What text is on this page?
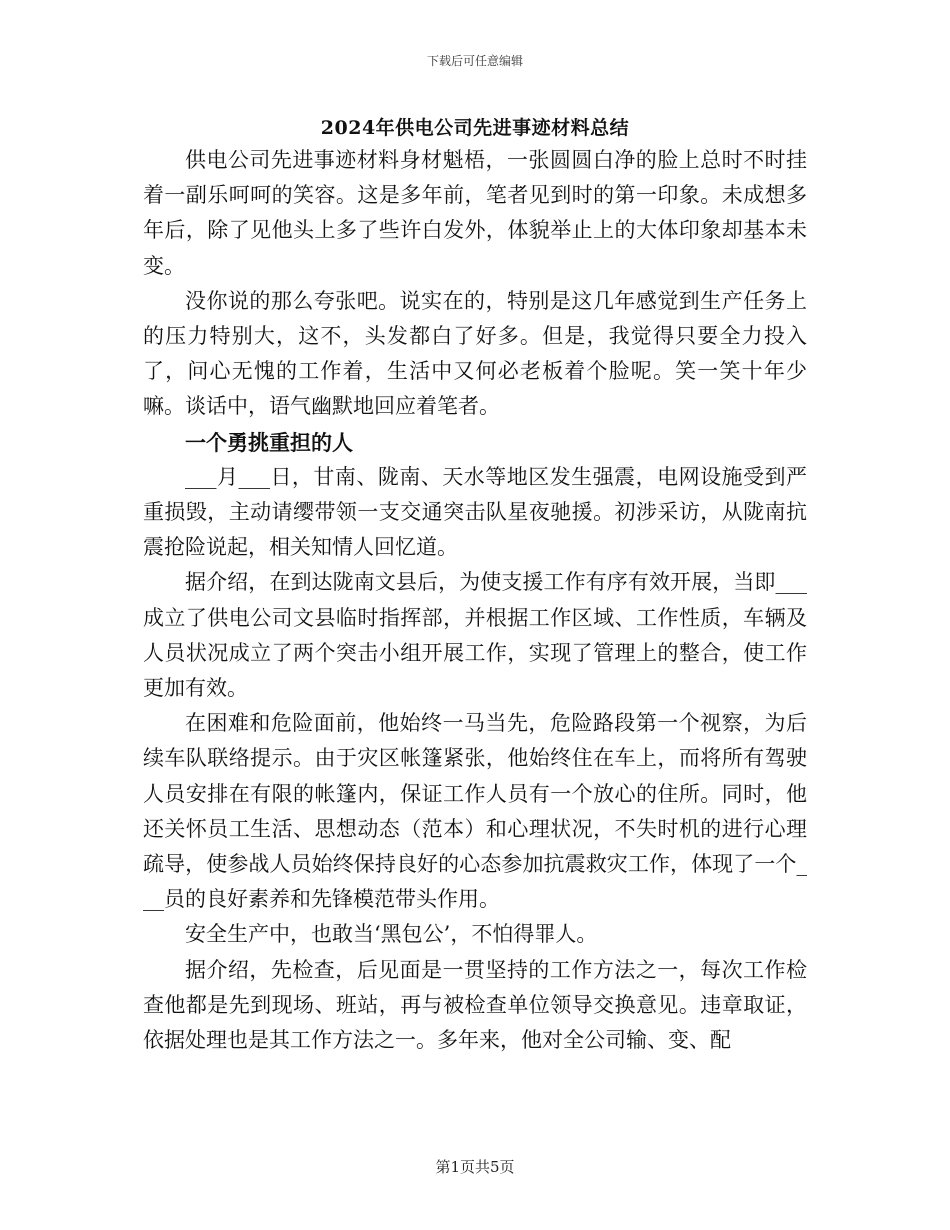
下载后可任意编辑
2024年供电公司先进事迹材料总结

供电公司先进事迹材料身材魁梧，一张圆圆白净的脸上总时不时挂着一副乐呵呵的笑容。这是多年前，笔者见到时的第一印象。未成想多年后，除了见他头上多了些许白发外，体貌举止上的大体印象却基本未变。

没你说的那么夸张吧。说实在的，特别是这几年感觉到生产任务上的压力特别大，这不，头发都白了好多。但是，我觉得只要全力投入了，问心无愧的工作着，生活中又何必老板着个脸呢。笑一笑十年少嘛。谈话中，语气幽默地回应着笔者。

一个勇挑重担的人

___月___日，甘南、陇南、天水等地区发生强震，电网设施受到严重损毁，主动请缨带领一支交通突击队星夜驰援。初涉采访，从陇南抗震抢险说起，相关知情人回忆道。

据介绍，在到达陇南文县后，为使支援工作有序有效开展，当即___成立了供电公司文县临时指挥部，并根据工作区域、工作性质，车辆及人员状况成立了两个突击小组开展工作，实现了管理上的整合，使工作更加有效。

在困难和危险面前，他始终一马当先，危险路段第一个视察，为后续车队联络提示。由于灾区帐篷紧张，他始终住在车上，而将所有驾驶人员安排在有限的帐篷内，保证工作人员有一个放心的住所。同时，他还关怀员工生活、思想动态（范本）和心理状况，不失时机的进行心理疏导，使参战人员始终保持良好的心态参加抗震救灾工作，体现了一个___员的良好素养和先锋模范带头作用。

安全生产中，也敢当‘黑包公’，不怕得罪人。

据介绍，先检查，后见面是一贯坚持的工作方法之一，每次工作检查他都是先到现场、班站，再与被检查单位领导交换意见。违章取证，依据处理也是其工作方法之一。多年来，他对全公司输、变、配

第1页共5页
